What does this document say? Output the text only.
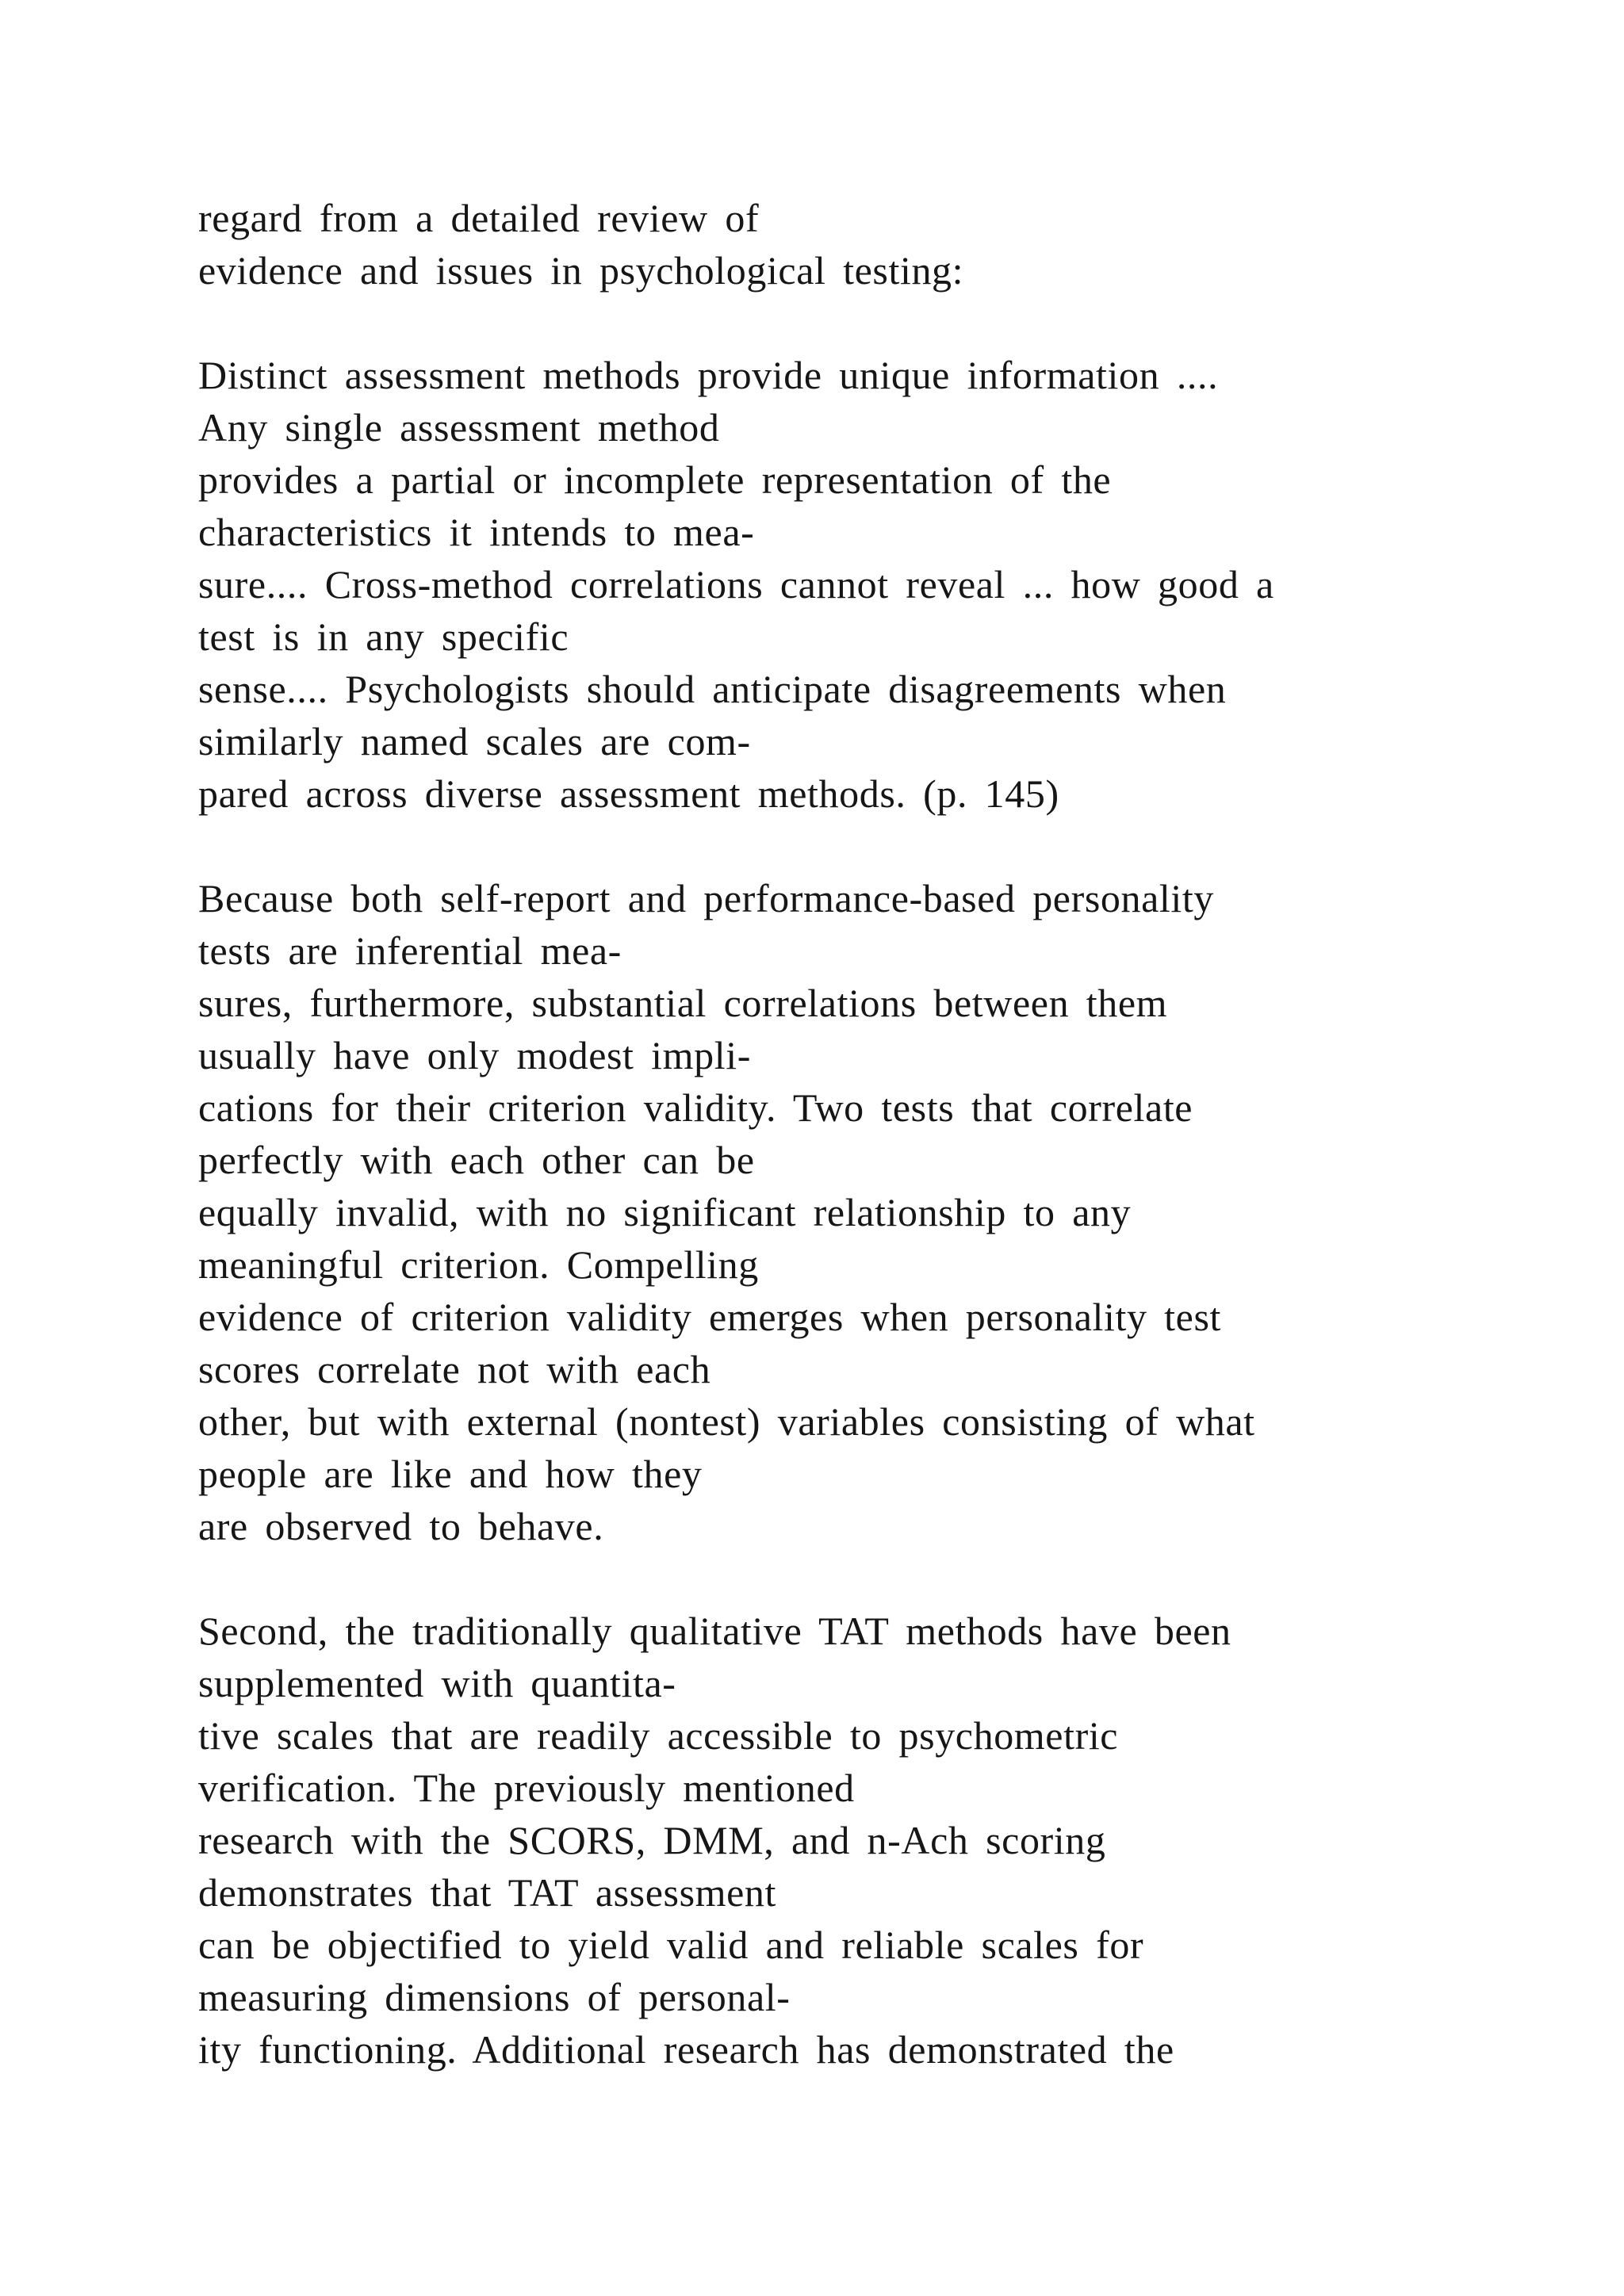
regard from a detailed review of
evidence and issues in psychological testing:
Distinct assessment methods provide unique information ....
Any single assessment method
provides a partial or incomplete representation of the
characteristics it intends to mea-
sure.... Cross-method correlations cannot reveal ... how good a
test is in any specific
sense.... Psychologists should anticipate disagreements when
similarly named scales are com-
pared across diverse assessment methods. (p. 145)
Because both self-report and performance-based personality
tests are inferential mea-
sures, furthermore, substantial correlations between them
usually have only modest impli-
cations for their criterion validity. Two tests that correlate
perfectly with each other can be
equally invalid, with no significant relationship to any
meaningful criterion. Compelling
evidence of criterion validity emerges when personality test
scores correlate not with each
other, but with external (nontest) variables consisting of what
people are like and how they
are observed to behave.
Second, the traditionally qualitative TAT methods have been
supplemented with quantita-
tive scales that are readily accessible to psychometric
verification. The previously mentioned
research with the SCORS, DMM, and n-Ach scoring
demonstrates that TAT assessment
can be objectified to yield valid and reliable scales for
measuring dimensions of personal-
ity functioning. Additional research has demonstrated the
